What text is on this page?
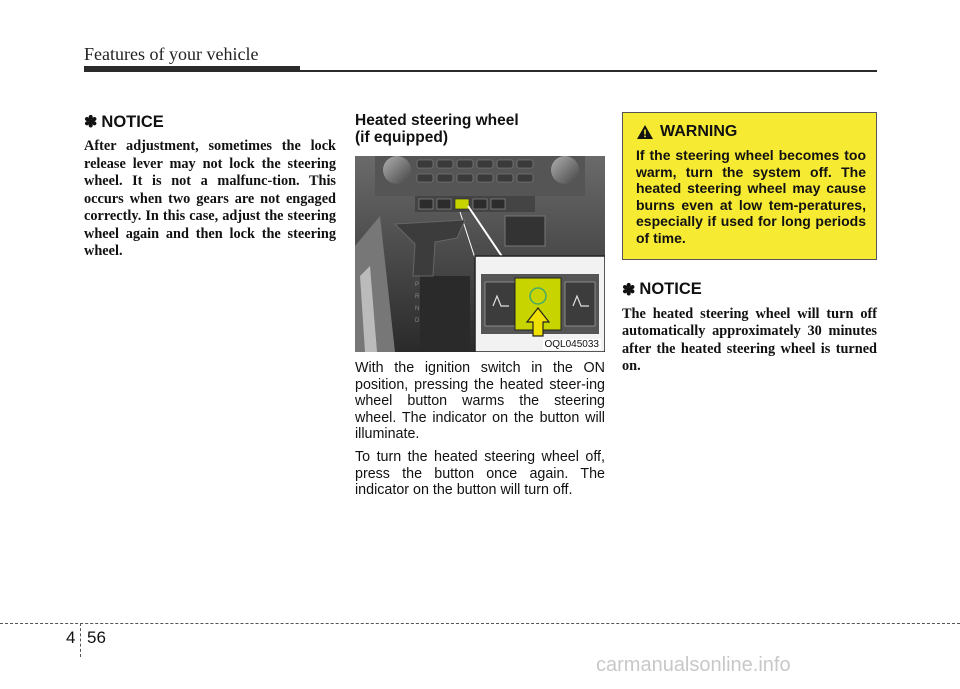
Features of your vehicle
✽ NOTICE

After adjustment, sometimes the lock release lever may not lock the steering wheel. It is not a malfunc-tion. This occurs when two gears are not engaged correctly. In this case, adjust the steering wheel again and then lock the steering wheel.

Heated steering wheel
(if equipped)
P
R
N
D
OQL045033

With the ignition switch in the ON position, pressing the heated steer-ing wheel button warms the steering wheel. The indicator on the button will illuminate.

To turn the heated steering wheel off, press the button once again. The indicator on the button will turn off.

WARNING

If the steering wheel becomes too warm, turn the system off. The heated steering wheel may cause burns even at low tem-peratures, especially if used for long periods of time.

✽ NOTICE

The heated steering wheel will turn off automatically approximately 30 minutes after the heated steering wheel is turned on.

4 56
carmanualsonline.info
